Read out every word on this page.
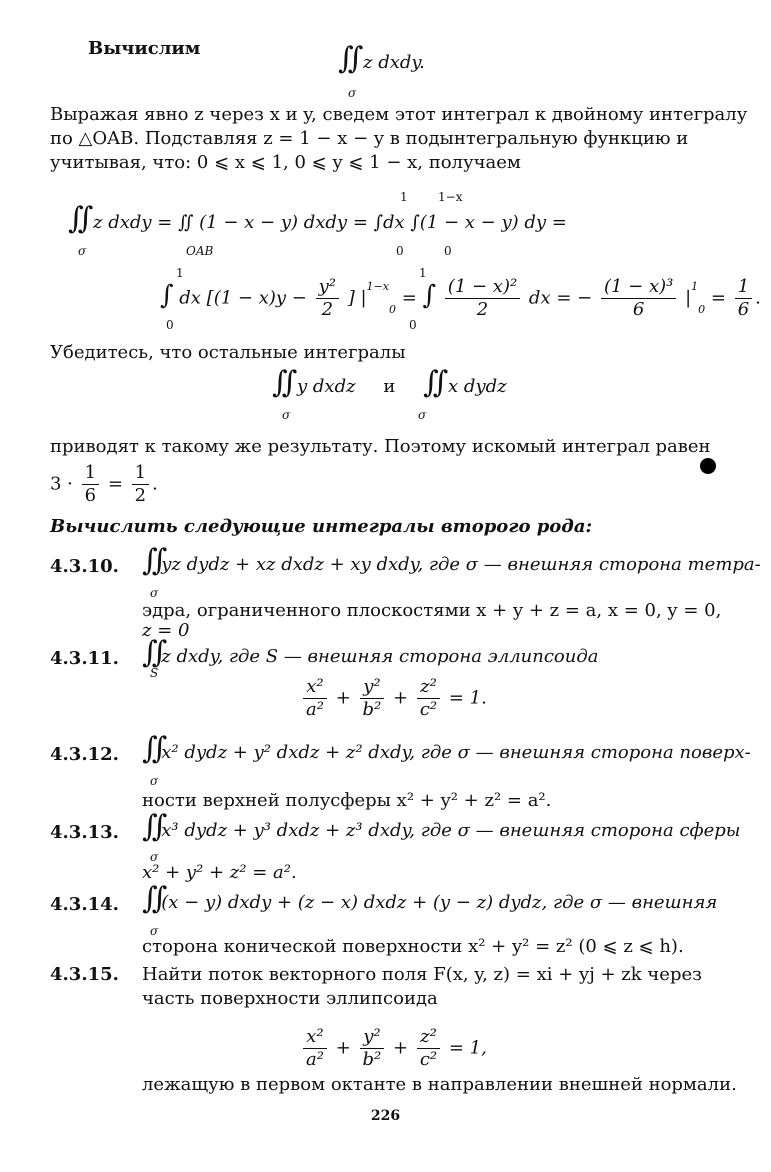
Вычислим	∫∫ z dxdy.
σ
Выражая явно z через x и y, сведем этот интеграл к двойному интегралу
по △OAB. Подставляя z = 1 − x − y в подынтегральную функцию и
учитывая, что: 0 ⩽ x ⩽ 1, 0 ⩽ y ⩽ 1 − x, получаем
1	1−x
∫∫ z dxdy = ∬ (1 − x − y) dxdy = ∫dx ∫(1 − x − y) dy =
σ	OAB	0	0
1	1
∫ dx [$(1 - x)y - \frac{\text{y²}}{2}$ ] $|^{1-x}0$ = ∫ $\frac{\text{(1 − x)²}}{2}$ dx = − $\frac{\text{(1 − x)³}}{6} |^10 = \frac{1}{6}$ .
0	0
Убедитесь, что остальные интегралы
∫∫ y dxdz и ∫∫ x dydz
σ	σ
приводят к такому же результату. Поэтому искомый интеграл равен
$3 \cdot \frac{1}{6} = \frac{1}{2}$ .
Вычислить следующие интегралы второго рода:
4.3.10. ∫∫yz dydz + xz dxdz + xy dxdy, где σ — внешняя сторона тетра-
σ
эдра, ограниченного плоскостями x + y + z = a, x = 0, y = 0,
z = 0
4.3.11. ∫∫z dxdy, где S — внешняя сторона эллипсоида
S
$\frac{\text{x²}}{\text{a²}} + \frac{\text{y²}}{\text{b²}} + \frac{\text{z²}}{\text{c²}} = 1$.
4.3.12. ∫∫x² dydz + y² dxdz + z² dxdy, где σ — внешняя сторона поверх-
σ
ности верхней полусферы x² + y² + z² = a².
4.3.13. ∫∫x³ dydz + y³ dxdz + z³ dxdy, где σ — внешняя сторона сферы
σ
x² + y² + z² = a².
4.3.14. ∫∫(x − y) dxdy + (z − x) dxdz + (y − z) dydz, где σ — внешняя
σ
сторона конической поверхности x² + y² = z² (0 ⩽ z ⩽ h).
4.3.15. Найти поток векторного поля F(x, y, z) = xi + yj + zk через
часть поверхности эллипсоида
$\frac{\text{x²}}{\text{a²}} + \frac{\text{y²}}{\text{b²}} + \frac{\text{z²}}{\text{c²}} = 1$,
лежащую в первом октанте в направлении внешней нормали.
226
